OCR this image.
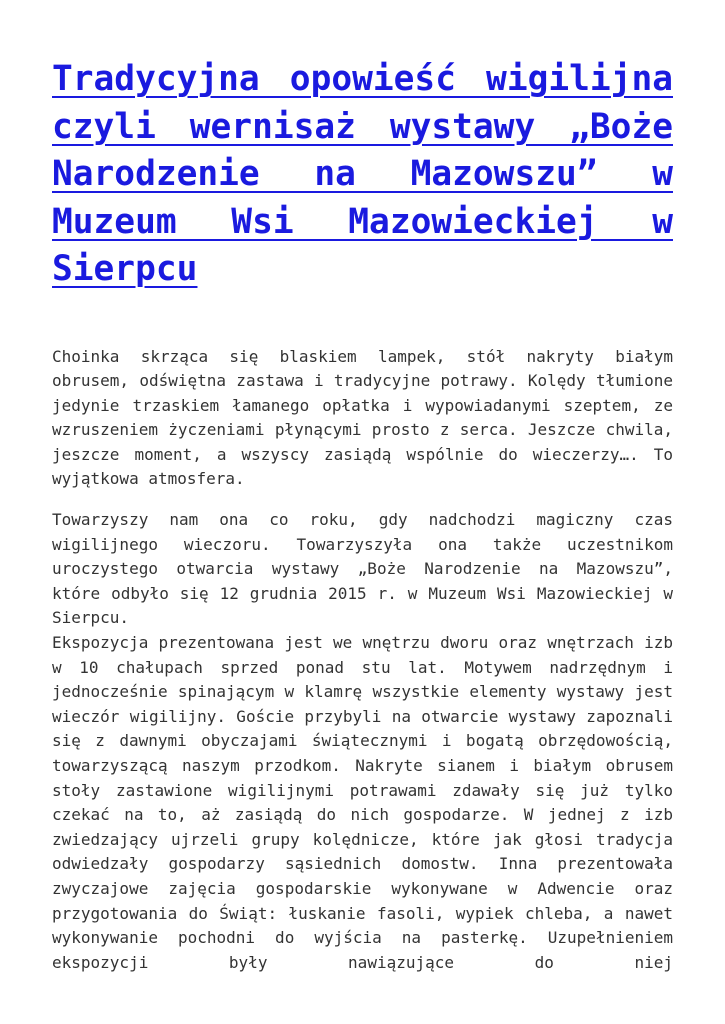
Tradycyjna opowieść wigilijna czyli wernisaż wystawy „Boże Narodzenie na Mazowszu” w Muzeum Wsi Mazowieckiej w Sierpcu

Choinka skrząca się blaskiem lampek, stół nakryty białym obrusem, odświętna zastawa i tradycyjne potrawy. Kolędy tłumione jedynie trzaskiem łamanego opłatka i wypowiadanymi szeptem, ze wzruszeniem życzeniami płynącymi prosto z serca. Jeszcze chwila, jeszcze moment, a wszyscy zasiądą wspólnie do wieczerzy…. To wyjątkowa atmosfera.

Towarzyszy nam ona co roku, gdy nadchodzi magiczny czas wigilijnego wieczoru. Towarzyszyła ona także uczestnikom uroczystego otwarcia wystawy „Boże Narodzenie na Mazowszu”, które odbyło się 12 grudnia 2015 r. w Muzeum Wsi Mazowieckiej w Sierpcu.

Ekspozycja prezentowana jest we wnętrzu dworu oraz wnętrzach izb w 10 chałupach sprzed ponad stu lat. Motywem nadrzędnym i jednocześnie spinającym w klamrę wszystkie elementy wystawy jest wieczór wigilijny. Goście przybyli na otwarcie wystawy zapoznali się z dawnymi obyczajami świątecznymi i bogatą obrzędowością, towarzyszącą naszym przodkom. Nakryte sianem i białym obrusem stoły zastawione wigilijnymi potrawami zdawały się już tylko czekać na to, aż zasiądą do nich gospodarze. W jednej z izb zwiedzający ujrzeli grupy kolędnicze, które jak głosi tradycja odwiedzały gospodarzy sąsiednich domostw. Inna prezentowała zwyczajowe zajęcia gospodarskie wykonywane w Adwencie oraz przygotowania do Świąt: łuskanie fasoli, wypiek chleba, a nawet wykonywanie pochodni do wyjścia na pasterkę. Uzupełnieniem ekspozycji były nawiązujące do niej
